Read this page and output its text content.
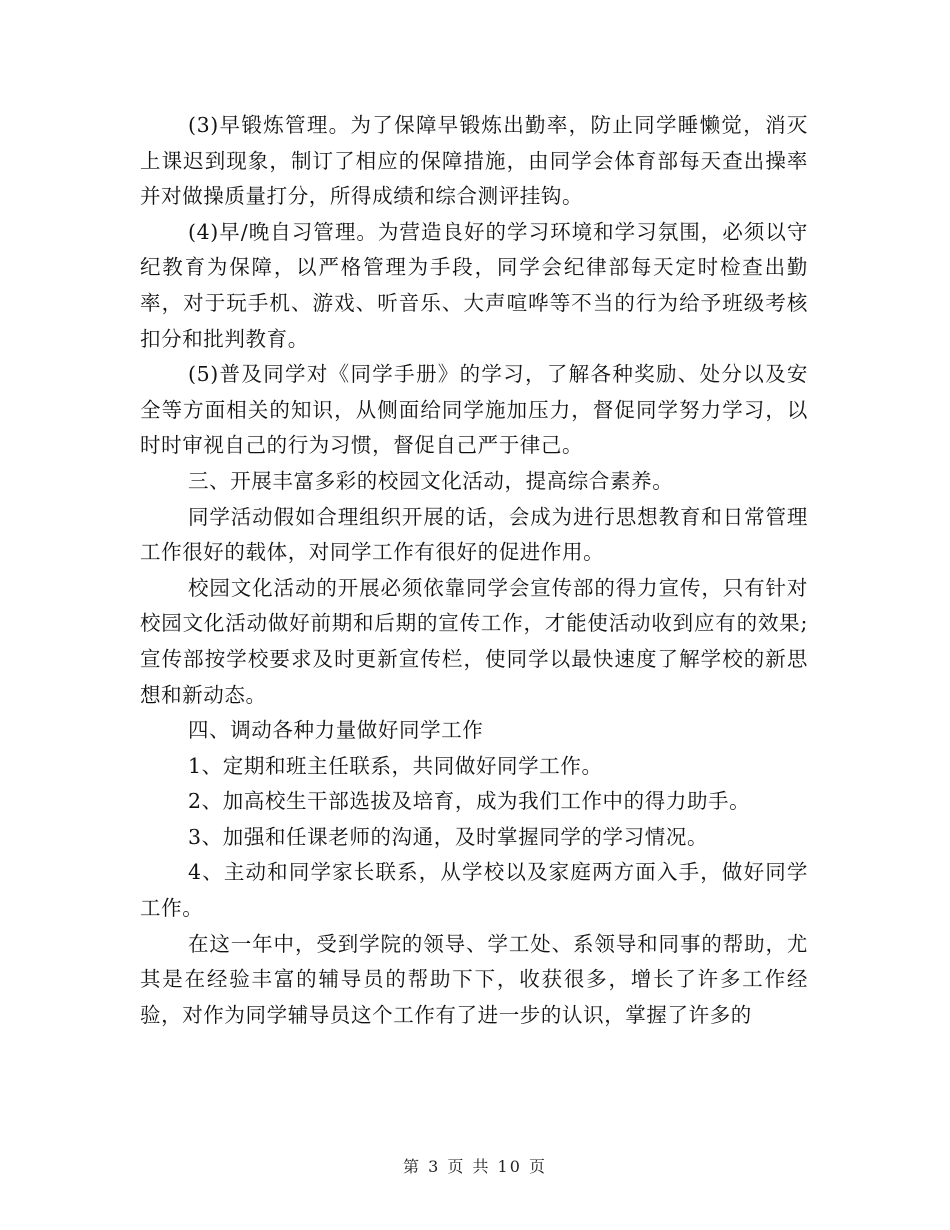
(3)早锻炼管理。为了保障早锻炼出勤率，防止同学睡懒觉，消灭上课迟到现象，制订了相应的保障措施，由同学会体育部每天查出操率并对做操质量打分，所得成绩和综合测评挂钩。

(4)早/晚自习管理。为营造良好的学习环境和学习氛围，必须以守纪教育为保障，以严格管理为手段，同学会纪律部每天定时检查出勤率，对于玩手机、游戏、听音乐、大声喧哗等不当的行为给予班级考核扣分和批判教育。

(5)普及同学对《同学手册》的学习，了解各种奖励、处分以及安全等方面相关的知识，从侧面给同学施加压力，督促同学努力学习，以时时审视自己的行为习惯，督促自己严于律己。

三、开展丰富多彩的校园文化活动，提高综合素养。

同学活动假如合理组织开展的话，会成为进行思想教育和日常管理工作很好的载体，对同学工作有很好的促进作用。

校园文化活动的开展必须依靠同学会宣传部的得力宣传，只有针对校园文化活动做好前期和后期的宣传工作，才能使活动收到应有的效果;宣传部按学校要求及时更新宣传栏，使同学以最快速度了解学校的新思想和新动态。

四、调动各种力量做好同学工作

1、定期和班主任联系，共同做好同学工作。

2、加高校生干部选拔及培育，成为我们工作中的得力助手。

3、加强和任课老师的沟通，及时掌握同学的学习情况。

4、主动和同学家长联系，从学校以及家庭两方面入手，做好同学工作。

在这一年中，受到学院的领导、学工处、系领导和同事的帮助，尤其是在经验丰富的辅导员的帮助下下，收获很多，增长了许多工作经验，对作为同学辅导员这个工作有了进一步的认识，掌握了许多的

第 3 页 共 10 页
